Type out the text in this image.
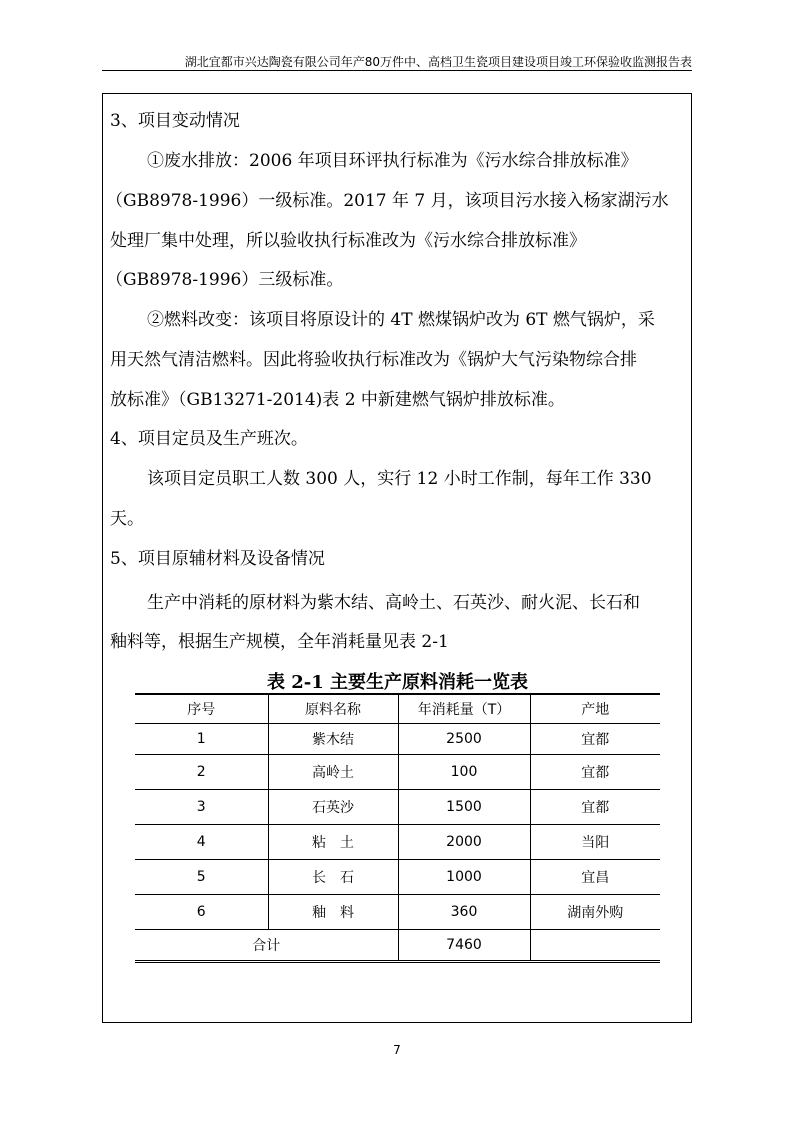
湖北宜都市兴达陶瓷有限公司年产80万件中、高档卫生瓷项目建设项目竣工环保验收监测报告表
3、项目变动情况
①废水排放：2006 年项目环评执行标准为《污水综合排放标准》
（GB8978-1996）一级标准。2017 年 7 月，该项目污水接入杨家湖污水
处理厂集中处理，所以验收执行标准改为《污水综合排放标准》
（GB8978-1996）三级标准。
②燃料改变：该项目将原设计的 4T 燃煤锅炉改为 6T 燃气锅炉，采
用天然气清洁燃料。因此将验收执行标准改为《锅炉大气污染物综合排
放标准》（GB13271-2014)表 2 中新建燃气锅炉排放标准。
4、项目定员及生产班次。
该项目定员职工人数 300 人，实行 12 小时工作制，每年工作 330
天。
5、项目原辅材料及设备情况
生产中消耗的原材料为紫木结、高岭土、石英沙、耐火泥、长石和
釉料等，根据生产规模，全年消耗量见表 2-1
表 2-1 主要生产原料消耗一览表
序号	原料名称	年消耗量（T）	产地
1	紫木结	2500	宜都
2	高岭土	100	宜都
3	石英沙	1500	宜都
4	粘　土	2000	当阳
5	长　石	1000	宜昌
6	釉　料	360	湖南外购
合计		7460	
7
